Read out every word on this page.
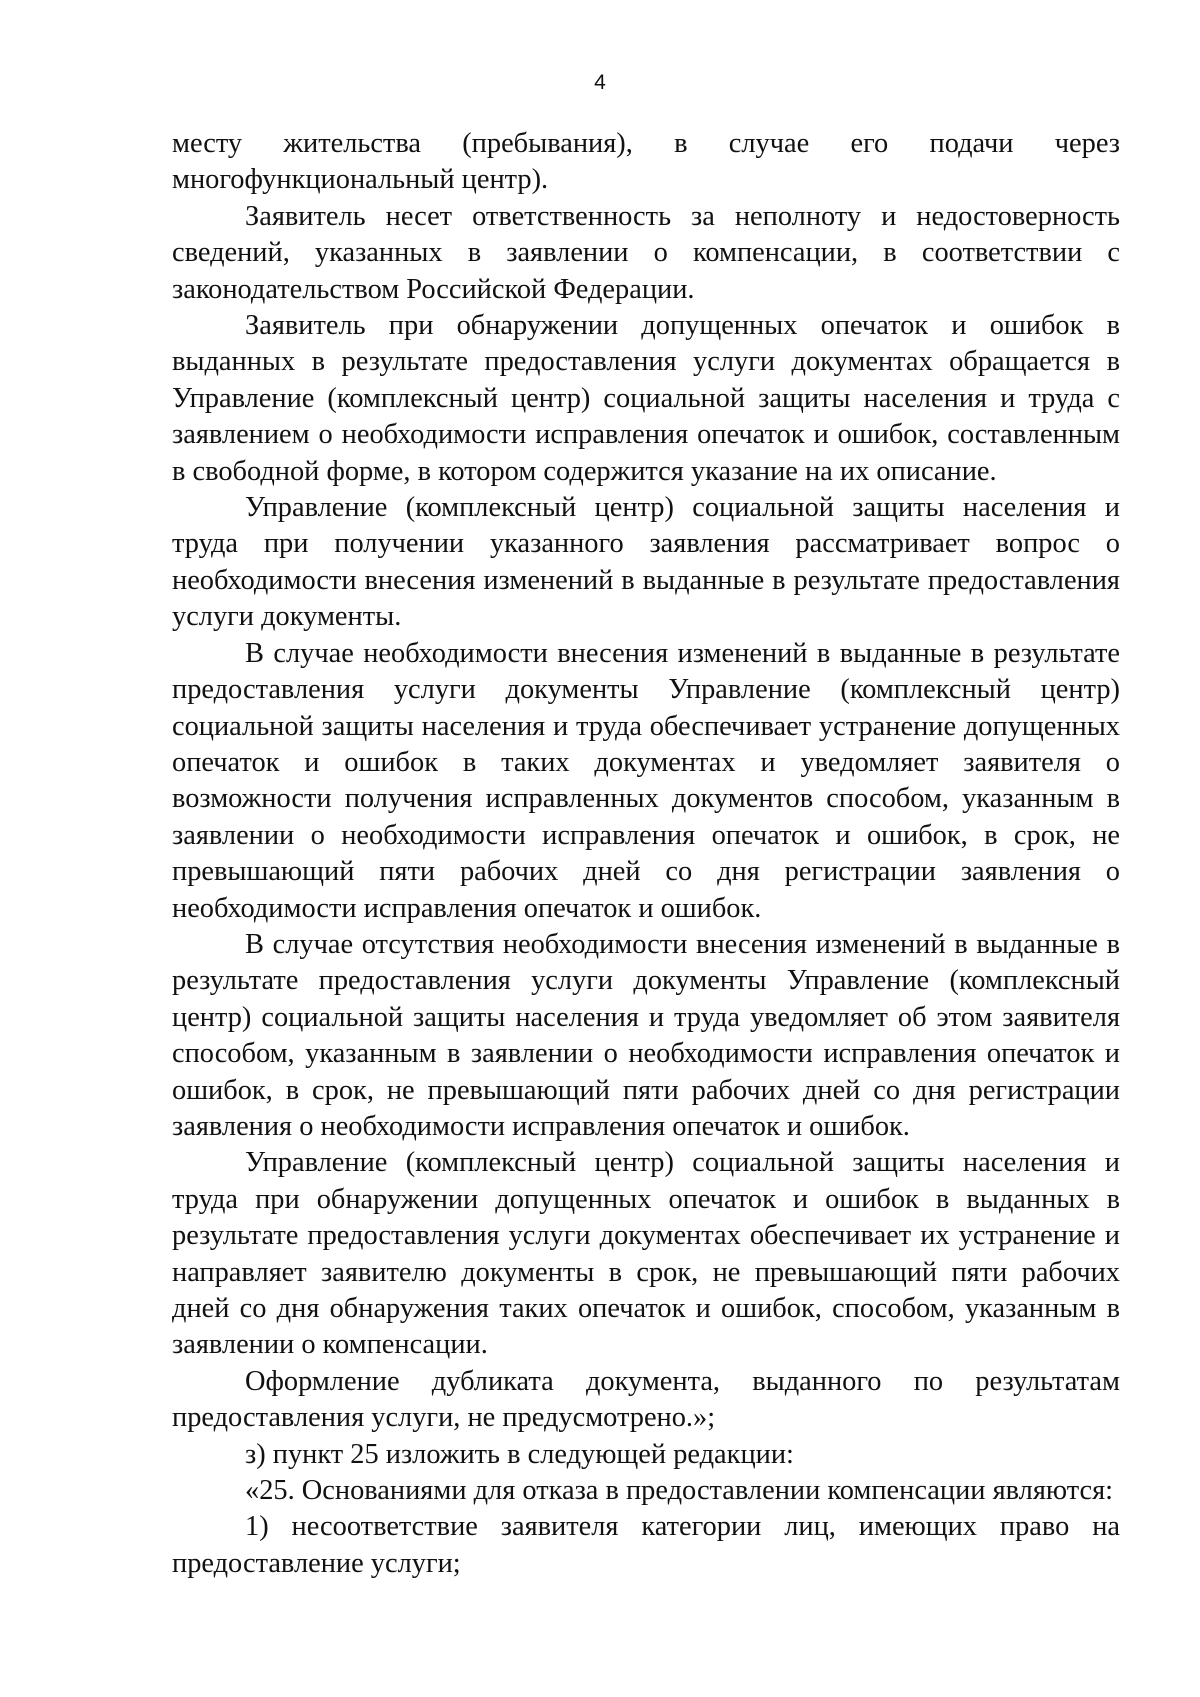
4

месту жительства (пребывания), в случае его подачи через многофункциональный центр).

Заявитель несет ответственность за неполноту и недостоверность сведений, указанных в заявлении о компенсации, в соответствии с законодательством Российской Федерации.

Заявитель при обнаружении допущенных опечаток и ошибок в выданных в результате предоставления услуги документах обращается в Управление (комплексный центр) социальной защиты населения и труда с заявлением о необходимости исправления опечаток и ошибок, составленным в свободной форме, в котором содержится указание на их описание.

Управление (комплексный центр) социальной защиты населения и труда при получении указанного заявления рассматривает вопрос о необходимости внесения изменений в выданные в результате предоставления услуги документы.

В случае необходимости внесения изменений в выданные в результате предоставления услуги документы Управление (комплексный центр) социальной защиты населения и труда обеспечивает устранение допущенных опечаток и ошибок в таких документах и уведомляет заявителя о возможности получения исправленных документов способом, указанным в заявлении о необходимости исправления опечаток и ошибок, в срок, не превышающий пяти рабочих дней со дня регистрации заявления о необходимости исправления опечаток и ошибок.

В случае отсутствия необходимости внесения изменений в выданные в результате предоставления услуги документы Управление (комплексный центр) социальной защиты населения и труда уведомляет об этом заявителя способом, указанным в заявлении о необходимости исправления опечаток и ошибок, в срок, не превышающий пяти рабочих дней со дня регистрации заявления о необходимости исправления опечаток и ошибок.

Управление (комплексный центр) социальной защиты населения и труда при обнаружении допущенных опечаток и ошибок в выданных в результате предоставления услуги документах обеспечивает их устранение и направляет заявителю документы в срок, не превышающий пяти рабочих дней со дня обнаружения таких опечаток и ошибок, способом, указанным в заявлении о компенсации.

Оформление дубликата документа, выданного по результатам предоставления услуги, не предусмотрено.»;

з) пункт 25 изложить в следующей редакции:

«25. Основаниями для отказа в предоставлении компенсации являются:

1) несоответствие заявителя категории лиц, имеющих право на предоставление услуги;
